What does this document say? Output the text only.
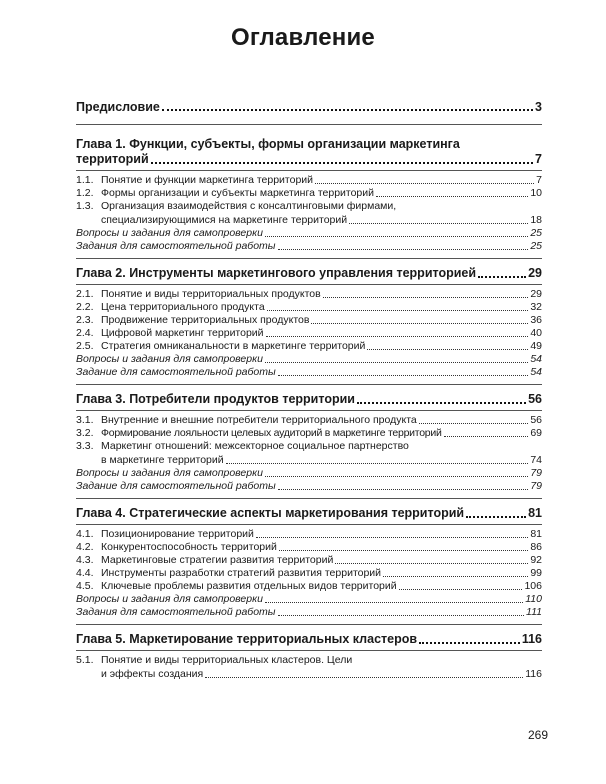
Оглавление
Предисловие	3
Глава 1. Функции, субъекты, формы организации маркетинга
территорий	7
1.1. Понятие и функции маркетинга территорий	7
1.2. Формы организации и субъекты маркетинга территорий	10
1.3. Организация взаимодействия с консалтинговыми фирмами,
специализирующимися на маркетинге территорий	18
Вопросы и задания для самопроверки	25
Задания для самостоятельной работы	25
Глава 2. Инструменты маркетингового управления территорией	29
2.1. Понятие и виды территориальных продуктов	29
2.2. Цена территориального продукта	32
2.3. Продвижение территориальных продуктов	36
2.4. Цифровой маркетинг территорий	40
2.5. Стратегия омниканальности в маркетинге территорий	49
Вопросы и задания для самопроверки	54
Задание для самостоятельной работы	54
Глава 3. Потребители продуктов территории	56
3.1. Внутренние и внешние потребители территориального продукта	56
3.2. Формирование лояльности целевых аудиторий в маркетинге территорий	69
3.3. Маркетинг отношений: межсекторное социальное партнерство
в маркетинге территорий	74
Вопросы и задания для самопроверки	79
Задание для самостоятельной работы	79
Глава 4. Стратегические аспекты маркетирования территорий	81
4.1. Позиционирование территорий	81
4.2. Конкурентоспособность территорий	86
4.3. Маркетинговые стратегии развития территорий	92
4.4. Инструменты разработки стратегий развития территорий	99
4.5. Ключевые проблемы развития отдельных видов территорий	106
Вопросы и задания для самопроверки	110
Задания для самостоятельной работы	111
Глава 5. Маркетирование территориальных кластеров	116
5.1. Понятие и виды территориальных кластеров. Цели
и эффекты создания	116
269
